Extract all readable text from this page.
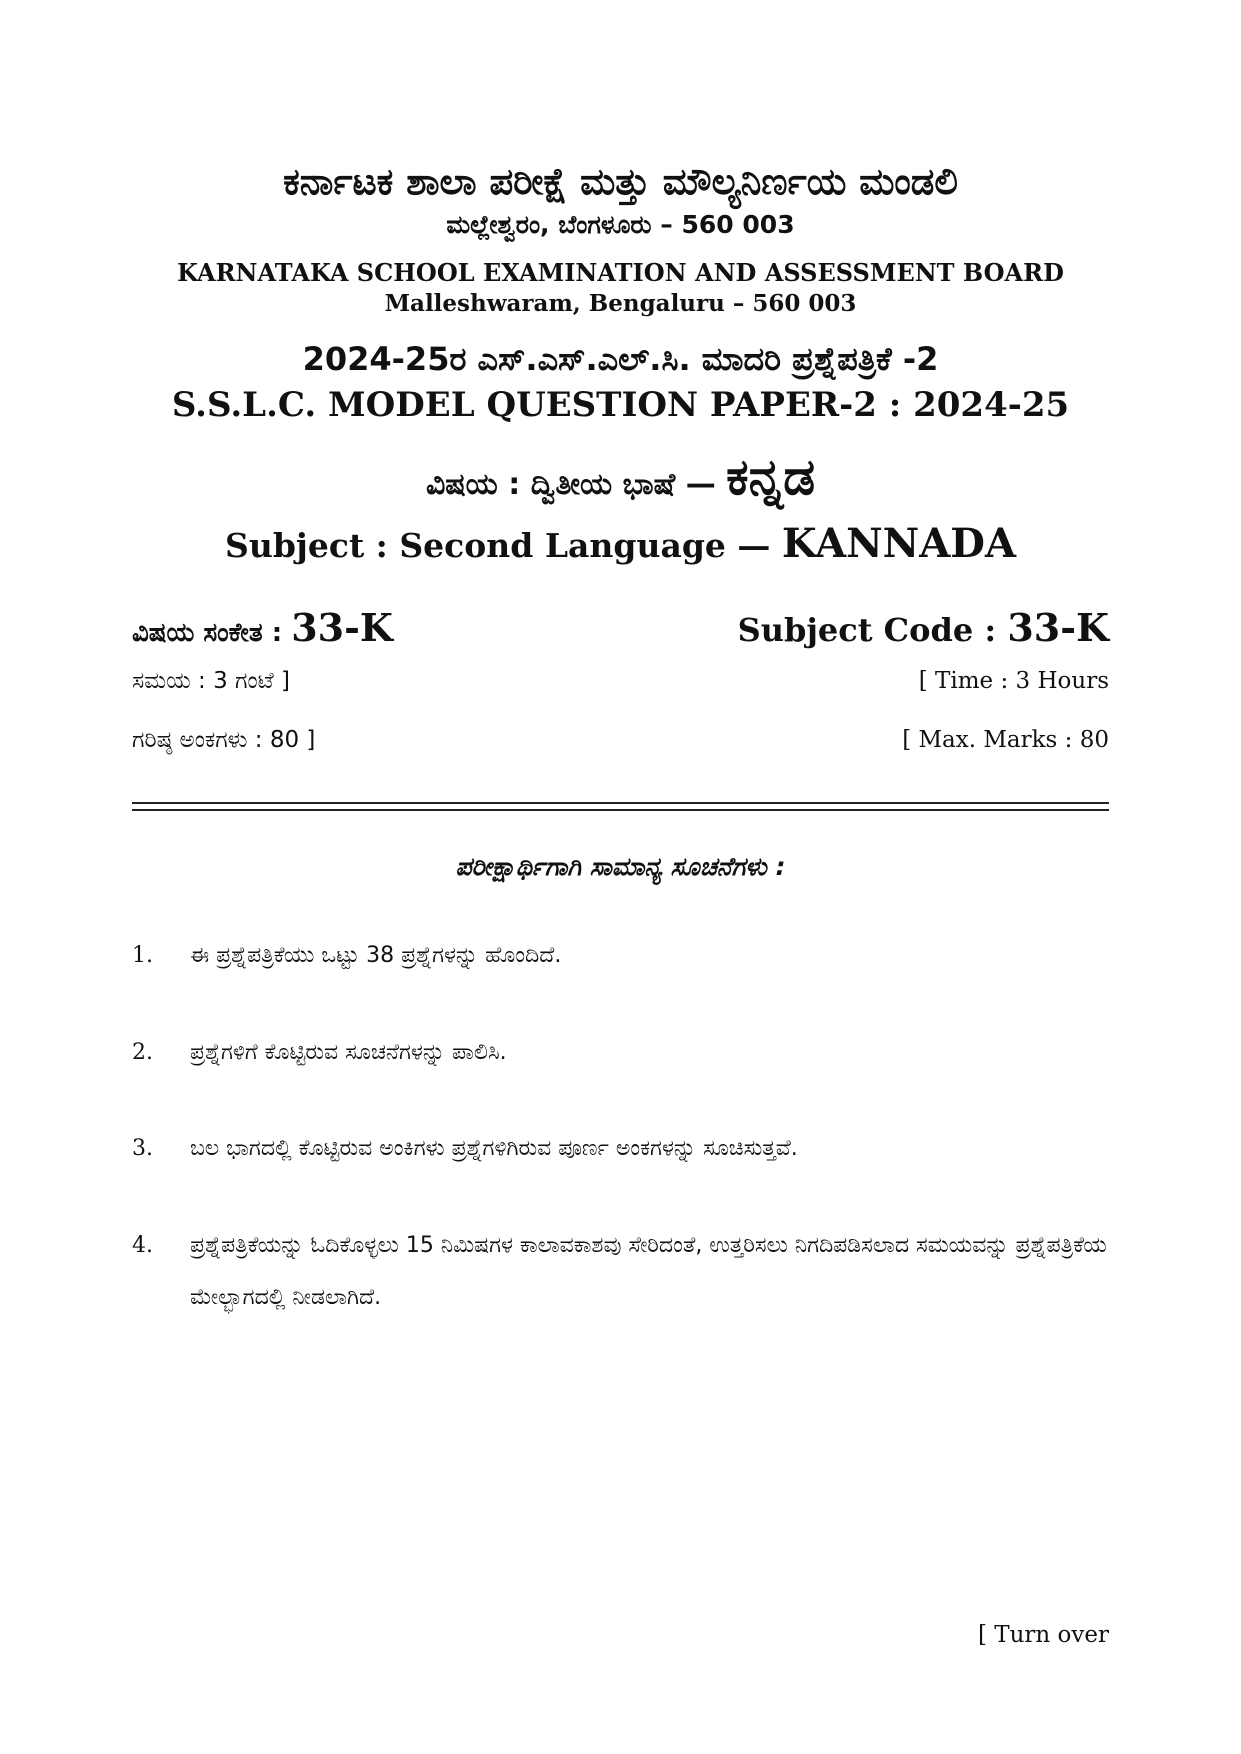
ಕರ್ನಾಟಕ ಶಾಲಾ ಪರೀಕ್ಷೆ ಮತ್ತು ಮೌಲ್ಯನಿರ್ಣಯ ಮಂಡಲಿ
ಮಲ್ಲೇಶ್ವರಂ, ಬೆಂಗಳೂರು – 560 003
KARNATAKA SCHOOL EXAMINATION AND ASSESSMENT BOARD
Malleshwaram, Bengaluru – 560 003
2024-25ರ ಎಸ್.ಎಸ್.ಎಲ್.ಸಿ. ಮಾದರಿ ಪ್ರಶ್ನೆಪತ್ರಿಕೆ -2
S.S.L.C. MODEL QUESTION PAPER-2 : 2024-25
ವಿಷಯ : ದ್ವಿತೀಯ ಭಾಷೆ — ಕನ್ನಡ
Subject : Second Language — KANNADA
ವಿಷಯ ಸಂಕೇತ : 33-K	Subject Code : 33-K
ಸಮಯ : 3 ಗಂಟೆ ]	[ Time : 3 Hours
ಗರಿಷ್ಠ ಅಂಕಗಳು : 80 ]	[ Max. Marks : 80
ಪರೀಕ್ಷಾರ್ಥಿಗಾಗಿ ಸಾಮಾನ್ಯ ಸೂಚನೆಗಳು :
1. ಈ ಪ್ರಶ್ನೆಪತ್ರಿಕೆಯು ಒಟ್ಟು 38 ಪ್ರಶ್ನೆಗಳನ್ನು ಹೊಂದಿದೆ.
2. ಪ್ರಶ್ನೆಗಳಿಗೆ ಕೊಟ್ಟಿರುವ ಸೂಚನೆಗಳನ್ನು ಪಾಲಿಸಿ.
3. ಬಲ ಭಾಗದಲ್ಲಿ ಕೊಟ್ಟಿರುವ ಅಂಕಿಗಳು ಪ್ರಶ್ನೆಗಳಿಗಿರುವ ಪೂರ್ಣ ಅಂಕಗಳನ್ನು ಸೂಚಿಸುತ್ತವೆ.
4. ಪ್ರಶ್ನೆಪತ್ರಿಕೆಯನ್ನು ಓದಿಕೊಳ್ಳಲು 15 ನಿಮಿಷಗಳ ಕಾಲಾವಕಾಶವು ಸೇರಿದಂತೆ, ಉತ್ತರಿಸಲು ನಿಗದಿಪಡಿಸಲಾದ ಸಮಯವನ್ನು ಪ್ರಶ್ನೆಪತ್ರಿಕೆಯ ಮೇಲ್ಭಾಗದಲ್ಲಿ ನೀಡಲಾಗಿದೆ.
[ Turn over
